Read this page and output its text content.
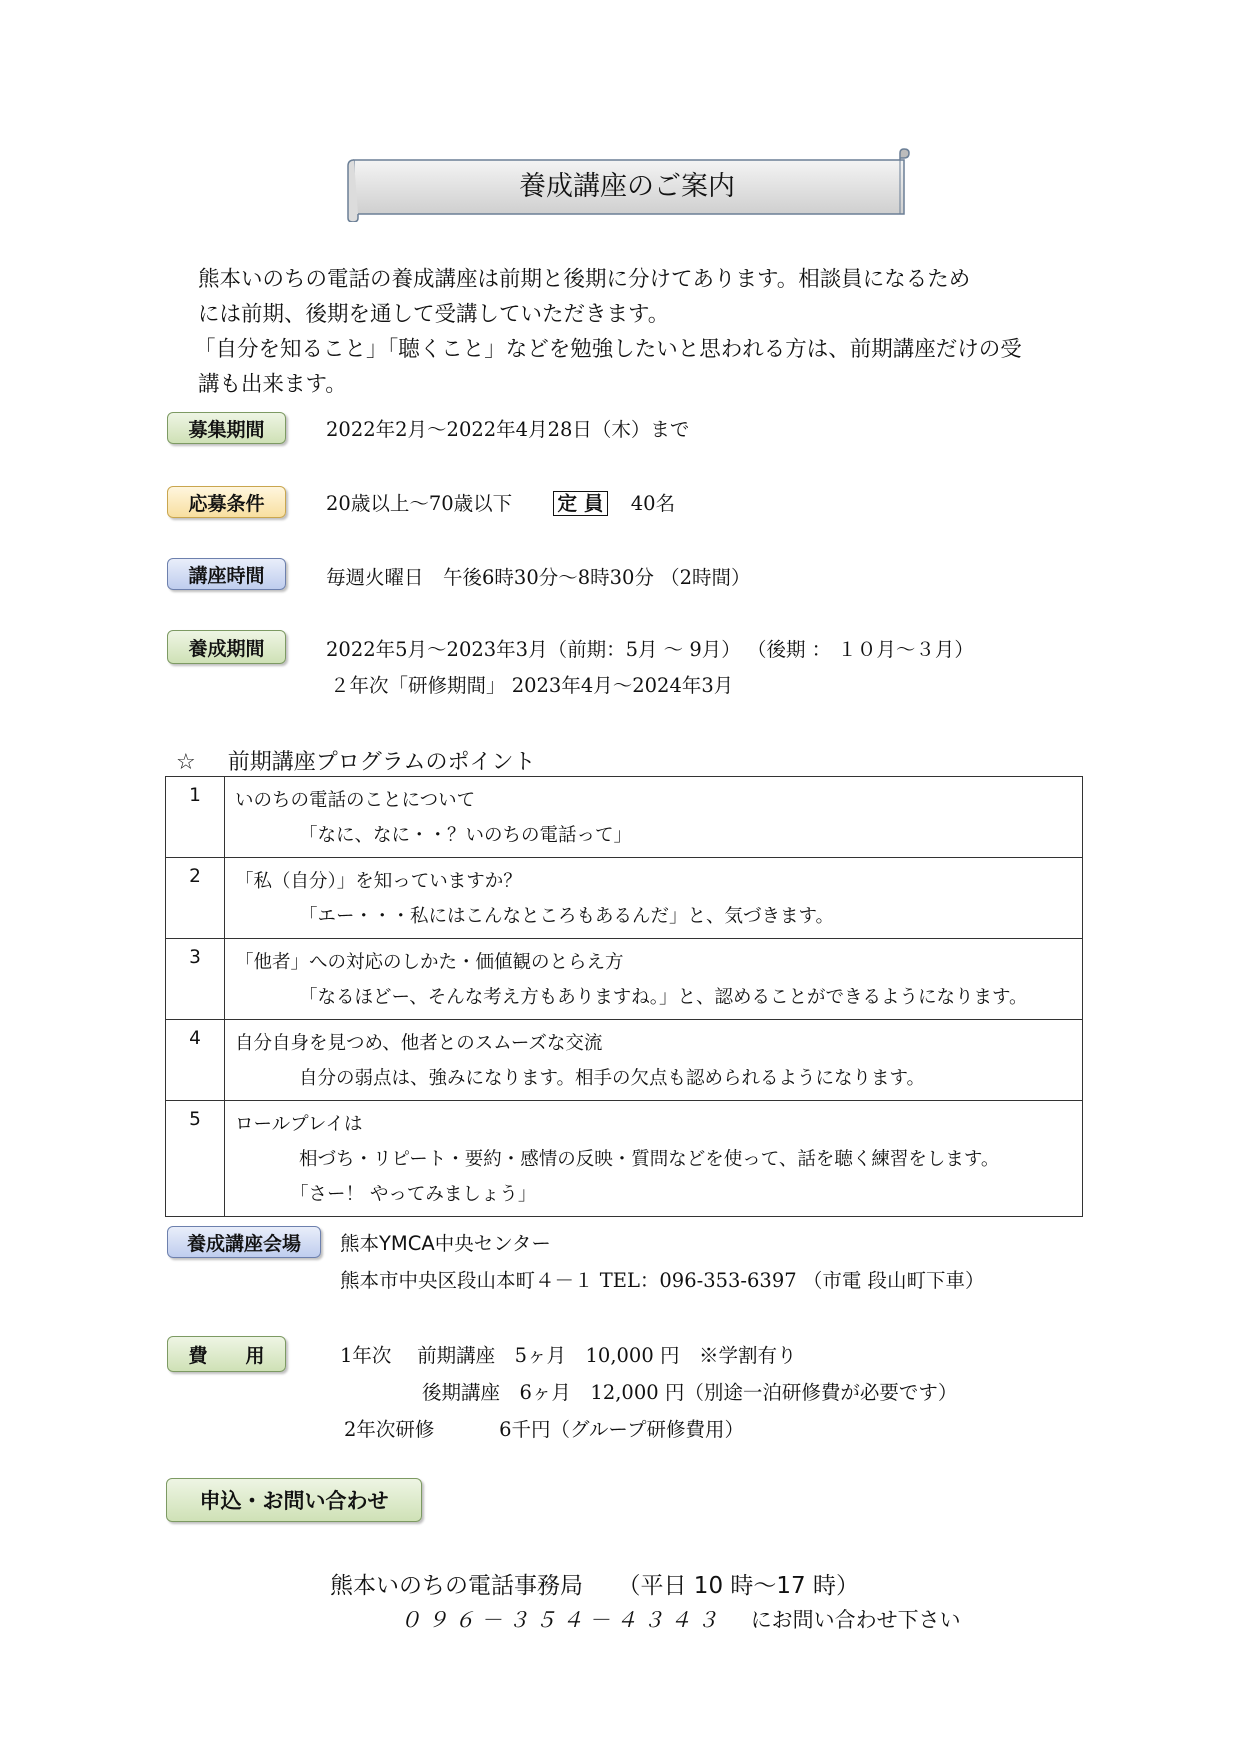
養成講座のご案内

熊本いのちの電話の養成講座は前期と後期に分けてあります。相談員になるため

には前期、後期を通して受講していただきます。

「自分を知ること」「聴くこと」などを勉強したいと思われる方は、前期講座だけの受

講も出来ます。

募集期間	2022年2月～2022年4月28日（木）まで
応募条件	20歳以上～70歳以下 定 員 40名
講座時間	毎週火曜日　午後6時30分～8時30分 （2時間）
養成期間	2022年5月～2023年3月（前期：5月 ～ 9月） （後期 ： １０月～３月）
２年次「研修期間」 2023年4月～2024年3月
☆ 前期講座プログラムのポイント
1	いのちの電話のことについて
「なに、なに・・？いのちの電話って」

2	「私（自分）」を知っていますか？
「エー・・・私にはこんなところもあるんだ」と、気づきます。

3	「他者」への対応のしかた・価値観のとらえ方
「なるほどー、そんな考え方もありますね。」と、認めることができるようになります。

4	自分自身を見つめ、他者とのスムーズな交流
自分の弱点は、強みになります。相手の欠点も認められるようになります。

5	ロールプレイは
相づち・リピート・要約・感情の反映・質問などを使って、話を聴く練習をします。
「さー！ やってみましょう」
養成講座会場	熊本YMCA中央センター
熊本市中央区段山本町４－１ TEL：096-353-6397 （市電 段山町下車）
費　　用	1年次　 前期講座　5ヶ月　10,000 円　※学割有り
後期講座　6ヶ月　12,000 円（別途一泊研修費が必要です）
2年次研修　　　 6千円（グループ研修費用）
申込・お問い合わせ
熊本いのちの電話事務局　　（平日 10 時～17 時）
０９６－３５４－４３４３ にお問い合わせ下さい
